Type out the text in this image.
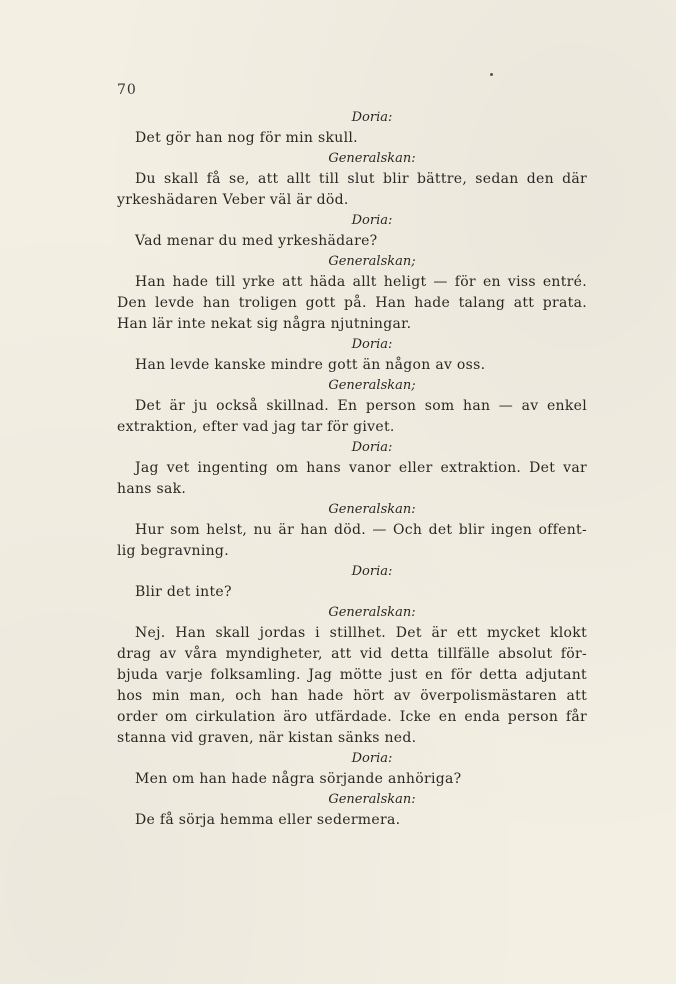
70
Doria:
Det gör han nog för min skull.
Generalskan:
Du skall få se, att allt till slut blir bättre, sedan den där
yrkeshädaren Veber väl är död.
Doria:
Vad menar du med yrkeshädare?
Generalskan;
Han hade till yrke att häda allt heligt — för en viss entré.
Den levde han troligen gott på. Han hade talang att prata.
Han lär inte nekat sig några njutningar.
Doria:
Han levde kanske mindre gott än någon av oss.
Generalskan;
Det är ju också skillnad. En person som han — av enkel
extraktion, efter vad jag tar för givet.
Doria:
Jag vet ingenting om hans vanor eller extraktion. Det var
hans sak.
Generalskan:
Hur som helst, nu är han död. — Och det blir ingen offent-
lig begravning.
Doria:
Blir det inte?
Generalskan:
Nej. Han skall jordas i stillhet. Det är ett mycket klokt
drag av våra myndigheter, att vid detta tillfälle absolut för-
bjuda varje folksamling. Jag mötte just en för detta adjutant
hos min man, och han hade hört av överpolismästaren att
order om cirkulation äro utfärdade. Icke en enda person får
stanna vid graven, när kistan sänks ned.
Doria:
Men om han hade några sörjande anhöriga?
Generalskan:
De få sörja hemma eller sedermera.
